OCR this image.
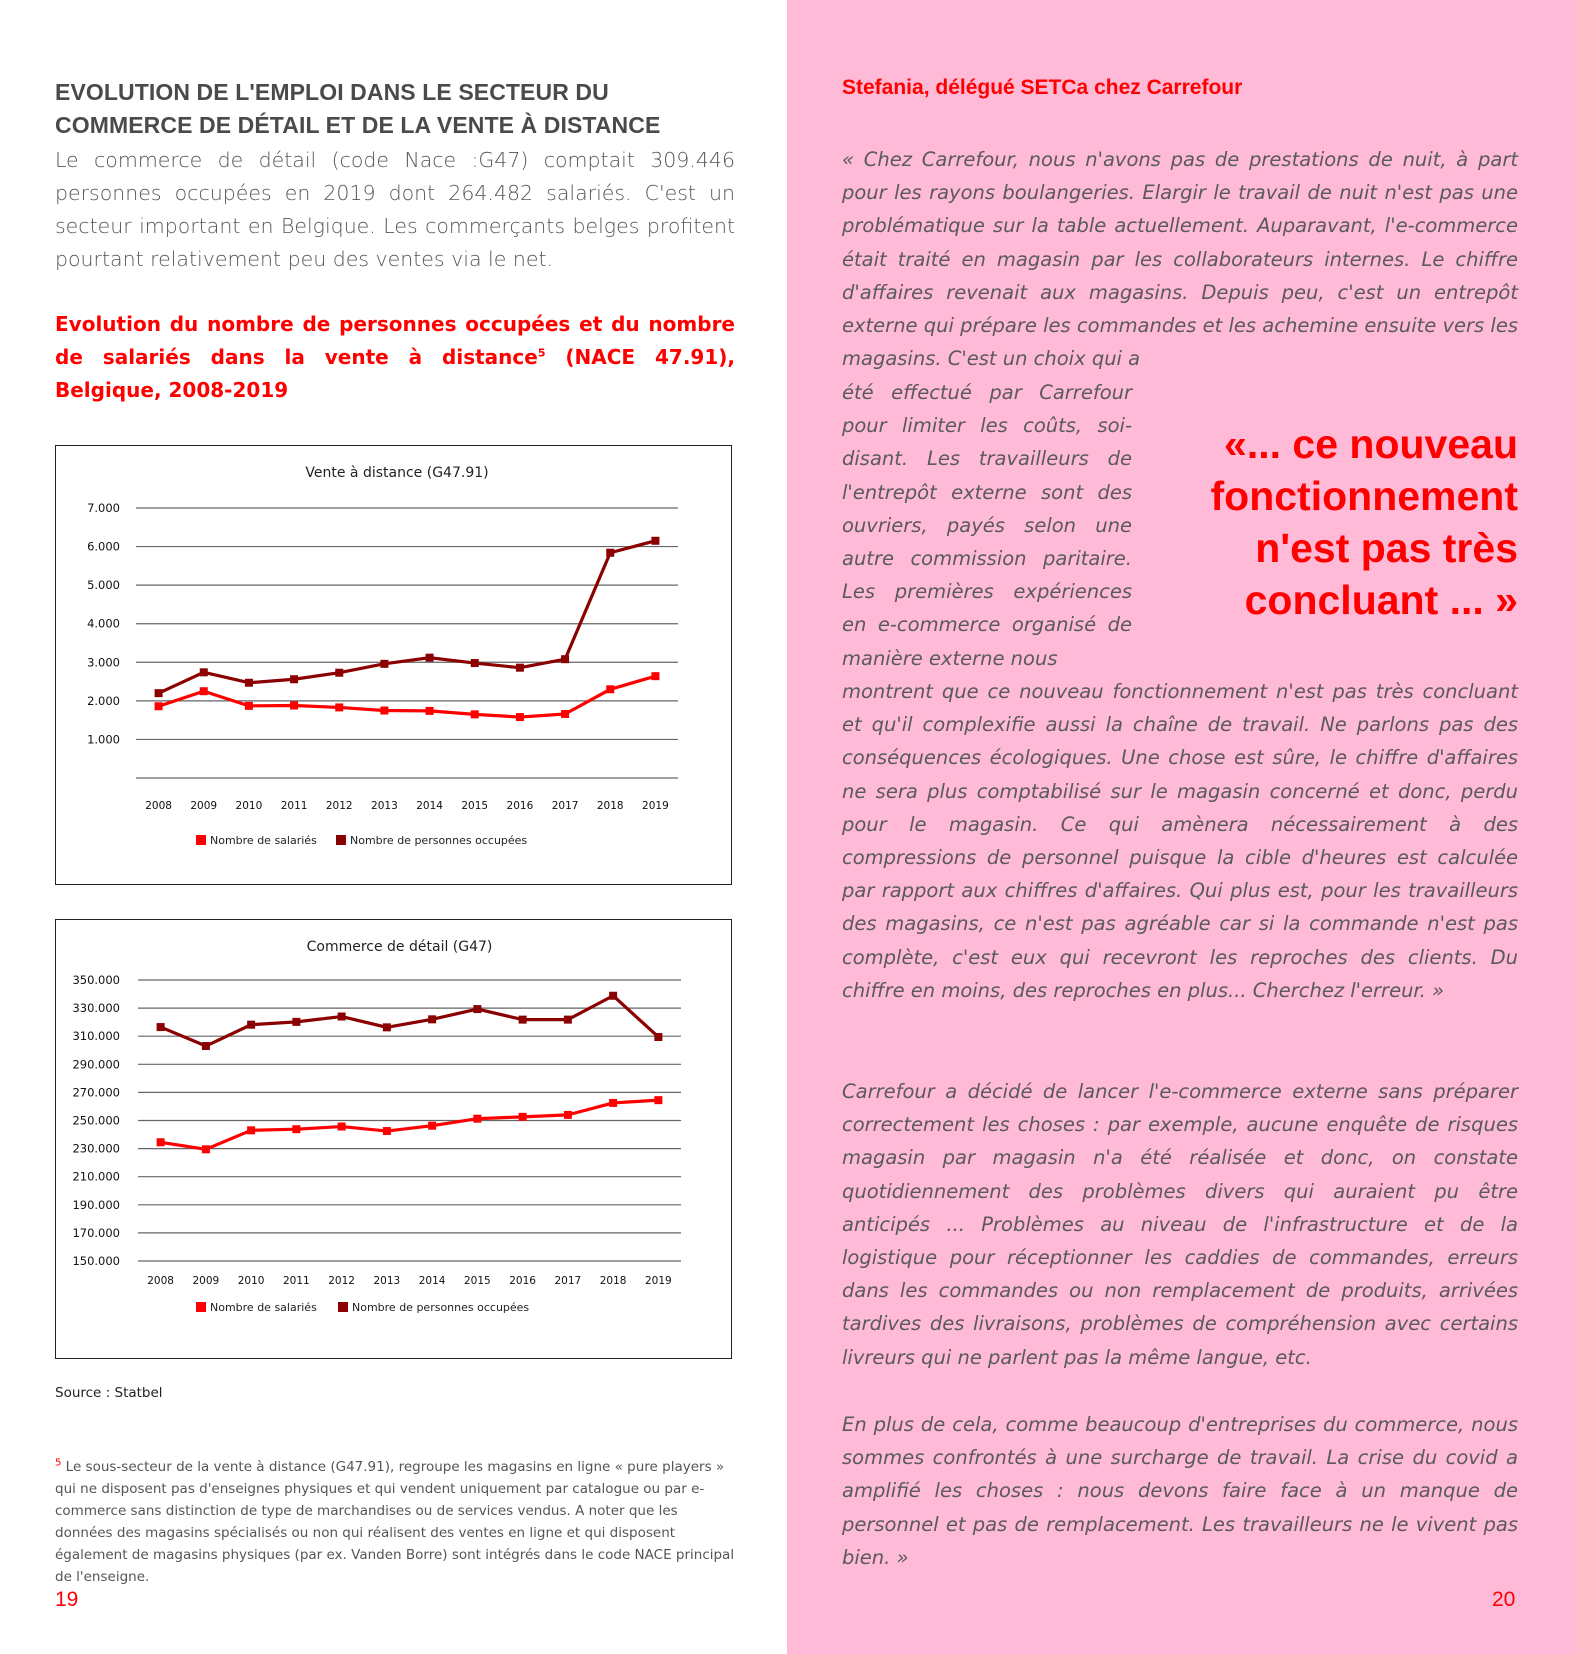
EVOLUTION DE L'EMPLOI DANS LE SECTEUR DU COMMERCE DE DÉTAIL ET DE LA VENTE À DISTANCE

Le commerce de détail (code Nace :G47) comptait 309.446 personnes occupées en 2019 dont 264.482 salariés. C'est un secteur important en Belgique. Les commerçants belges profitent pourtant relativement peu des ventes via le net.

Evolution du nombre de personnes occupées et du nombre de salariés dans la vente à distance$^5$ (NACE 47.91), Belgique, 2008-2019
Vente à distance (G47.91)
1.000
2.000
3.000
4.000
5.000
6.000
7.000
2008 2009 2010 2011 2012 2013 2014 2015 2016 2017 2018 2019
Nombre de salariés	Nombre de personnes occupées
Commerce de détail (G47)
150.000
170.000
190.000
210.000
230.000
250.000
270.000
290.000
310.000
330.000
350.000
2008 2009 2010 2011 2012 2013 2014 2015 2016 2017 2018 2019
Nombre de salariés	Nombre de personnes occupées
Source : Statbel

$^5$ Le sous-secteur de la vente à distance (G47.91), regroupe les magasins en ligne « pure players » qui ne disposent pas d'enseignes physiques et qui vendent uniquement par catalogue ou par e-commerce sans distinction de type de marchandises ou de services vendus. A noter que les données des magasins spécialisés ou non qui réalisent des ventes en ligne et qui disposent également de magasins physiques (par ex. Vanden Borre) sont intégrés dans le code NACE principal de l'enseigne.

19
Stefania, délégué SETCa chez Carrefour

« Chez Carrefour, nous n'avons pas de prestations de nuit, à part pour les rayons boulangeries. Elargir le travail de nuit n'est pas une problématique sur la table actuellement. Auparavant, l'e-commerce était traité en magasin par les collaborateurs internes. Le chiffre d'affaires revenait aux magasins. Depuis peu, c'est un entrepôt externe qui prépare les commandes et les achemine ensuite vers les magasins. C'est un choix qui a

été effectué par Carrefour pour limiter les coûts, soi-disant. Les travailleurs de l'entrepôt externe sont des ouvriers, payés selon une autre commission paritaire. Les premières expériences en e-commerce organisé de manière externe nous

«... ce nouveau fonctionnement n'est pas très concluant ... »

montrent que ce nouveau fonctionnement n'est pas très concluant et qu'il complexifie aussi la chaîne de travail. Ne parlons pas des conséquences écologiques. Une chose est sûre, le chiffre d'affaires ne sera plus comptabilisé sur le magasin concerné et donc, perdu pour le magasin. Ce qui amènera nécessairement à des compressions de personnel puisque la cible d'heures est calculée par rapport aux chiffres d'affaires. Qui plus est, pour les travailleurs des magasins, ce n'est pas agréable car si la commande n'est pas complète, c'est eux qui recevront les reproches des clients. Du chiffre en moins, des reproches en plus... Cherchez l'erreur. »

Carrefour a décidé de lancer l'e-commerce externe sans préparer correctement les choses : par exemple, aucune enquête de risques magasin par magasin n'a été réalisée et donc, on constate quotidiennement des problèmes divers qui auraient pu être anticipés ... Problèmes au niveau de l'infrastructure et de la logistique pour réceptionner les caddies de commandes, erreurs dans les commandes ou non remplacement de produits, arrivées tardives des livraisons, problèmes de compréhension avec certains livreurs qui ne parlent pas la même langue, etc.

En plus de cela, comme beaucoup d'entreprises du commerce, nous sommes confrontés à une surcharge de travail. La crise du covid a amplifié les choses : nous devons faire face à un manque de personnel et pas de remplacement. Les travailleurs ne le vivent pas bien. »

20
